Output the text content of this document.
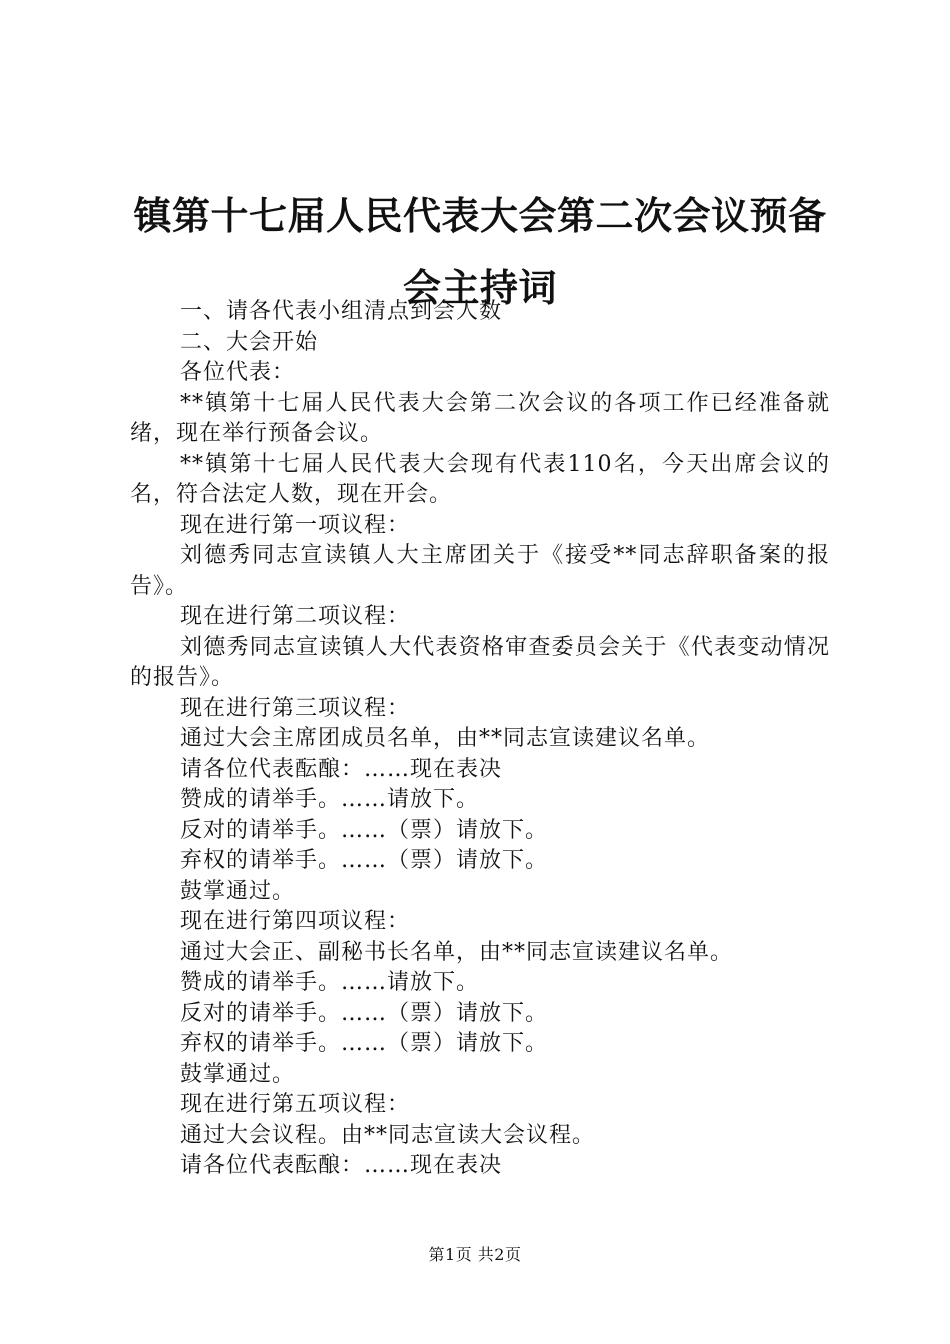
镇第十七届人民代表大会第二次会议预备会主持词

一、请各代表小组清点到会人数

二、大会开始

各位代表：

**镇第十七届人民代表大会第二次会议的各项工作已经准备就绪，现在举行预备会议。

**镇第十七届人民代表大会现有代表110名，今天出席会议的名，符合法定人数，现在开会。

现在进行第一项议程：

刘德秀同志宣读镇人大主席团关于《接受**同志辞职备案的报告》。

现在进行第二项议程：

刘德秀同志宣读镇人大代表资格审查委员会关于《代表变动情况的报告》。

现在进行第三项议程：

通过大会主席团成员名单，由**同志宣读建议名单。

请各位代表酝酿：……现在表决

赞成的请举手。……请放下。

反对的请举手。……（票）请放下。

弃权的请举手。……（票）请放下。

鼓掌通过。

现在进行第四项议程：

通过大会正、副秘书长名单，由**同志宣读建议名单。

赞成的请举手。……请放下。

反对的请举手。……（票）请放下。

弃权的请举手。……（票）请放下。

鼓掌通过。

现在进行第五项议程：

通过大会议程。由**同志宣读大会议程。

请各位代表酝酿：……现在表决

第1页 共2页
